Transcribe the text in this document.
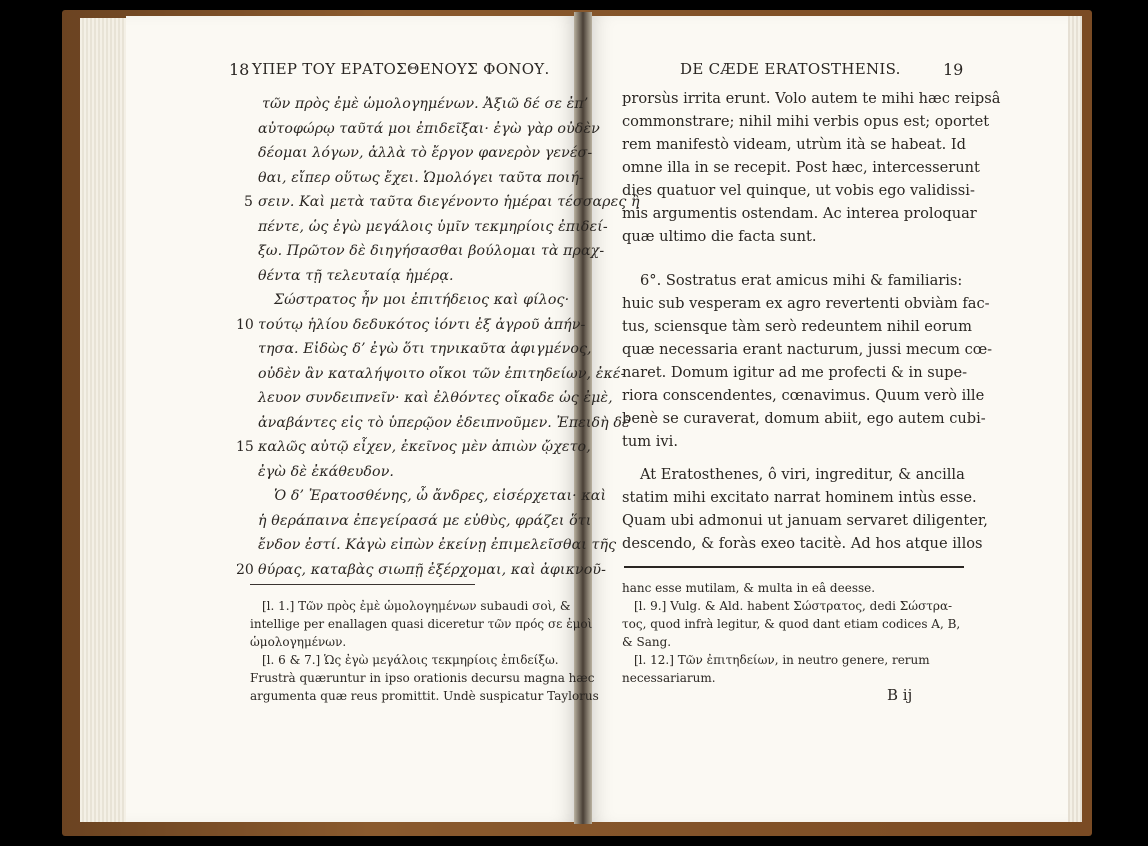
18 ΥΠΕΡ ΤΟΥ ΕΡΑΤΟΣΘΕΝΟΥΣ ΦΟΝΟΥ.
τῶν πρὸς ἐμὲ ὡμολογημένων. Ἀξιῶ δέ σε ἐπ’
αὐτοφώρῳ ταῦτά μοι ἐπιδεῖξαι· ἐγὼ γὰρ οὐδὲν
δέομαι λόγων, ἀλλὰ τὸ ἔργον φανερὸν γενέσ-
θαι, εἴπερ οὕτως ἔχει. Ὡμολόγει ταῦτα ποιή-
σειν. Καὶ μετὰ ταῦτα διεγένοντο ἡμέραι τέσσαρες ἢ
πέντε, ὡς ἐγὼ μεγάλοις ὑμῖν τεκμηρίοις ἐπιδεί-
ξω. Πρῶτον δὲ διηγήσασθαι βούλομαι τὰ πραχ-
θέντα τῇ τελευταίᾳ ἡμέρᾳ.
Σώστρατος ἦν μοι ἐπιτήδειος καὶ φίλος·
τούτῳ ἡλίου δεδυκότος ἰόντι ἐξ ἀγροῦ ἀπήν-
τησα. Εἰδὼς δ’ ἐγὼ ὅτι τηνικαῦτα ἀφιγμένος,
οὐδὲν ἂν καταλήψοιτο οἴκοι τῶν ἐπιτηδείων, ἐκέ-
λευον συνδειπνεῖν· καὶ ἐλθόντες οἴκαδε ὡς ἐμὲ,
ἀναβάντες εἰς τὸ ὑπερῷον ἐδειπνοῦμεν. Ἐπειδὴ δὲ
καλῶς αὐτῷ εἶχεν, ἐκεῖνος μὲν ἀπιὼν ᾤχετο,
ἐγὼ δὲ ἐκάθευδον.
Ὁ δ’ Ἐρατοσθένης, ὦ ἄνδρες, εἰσέρχεται· καὶ
ἡ θεράπαινα ἐπεγείρασά με εὐθὺς, φράζει ὅτι
ἔνδον ἐστί. Κἀγὼ εἰπὼν ἐκείνῃ ἐπιμελεῖσθαι τῆς
θύρας, καταβὰς σιωπῇ ἐξέρχομαι, καὶ ἀφικνοῦ-
5
10
15
20
[l. 1.] Τῶν πρὸς ἐμὲ ὡμολογημένων subaudi σοὶ, &
intellige per enallagen quasi diceretur τῶν πρός σε ἐμοὶ
ὡμολογημένων.
[l. 6 & 7.] Ὡς ἐγὼ μεγάλοις τεκμηρίοις ἐπιδείξω.
Frustrà quæruntur in ipso orationis decursu magna hæc
argumenta quæ reus promittit. Undè suspicatur Taylorus
DE CÆDE ERATOSTHENIS.	19
prorsùs irrita erunt. Volo autem te mihi hæc reipsâ
commonstrare; nihil mihi verbis opus est; oportet
rem manifestò videam, utrùm ità se habeat. Id
omne illa in se recepit. Post hæc, intercesserunt
dies quatuor vel quinque, ut vobis ego validissi-
mis argumentis ostendam. Ac interea proloquar
quæ ultimo die facta sunt.
6°. Sostratus erat amicus mihi & familiaris:
huic sub vesperam ex agro revertenti obviàm fac-
tus, sciensque tàm serò redeuntem nihil eorum
quæ necessaria erant nacturum, jussi mecum cœ-
naret. Domum igitur ad me profecti & in supe-
riora conscendentes, cœnavimus. Quum verò ille
benè se curaverat, domum abiit, ego autem cubi-
tum ivi.
At Eratosthenes, ô viri, ingreditur, & ancilla
statim mihi excitato narrat hominem intùs esse.
Quam ubi admonui ut januam servaret diligenter,
descendo, & foràs exeo tacitè. Ad hos atque illos
hanc esse mutilam, & multa in eâ deesse.
[l. 9.] Vulg. & Ald. habent Σώστρατος, dedi Σώστρα-
τος, quod infrà legitur, & quod dant etiam codices A, B,
& Sang.
[l. 12.] Τῶν ἐπιτηδείων, in neutro genere, rerum
necessariarum.
B ij
